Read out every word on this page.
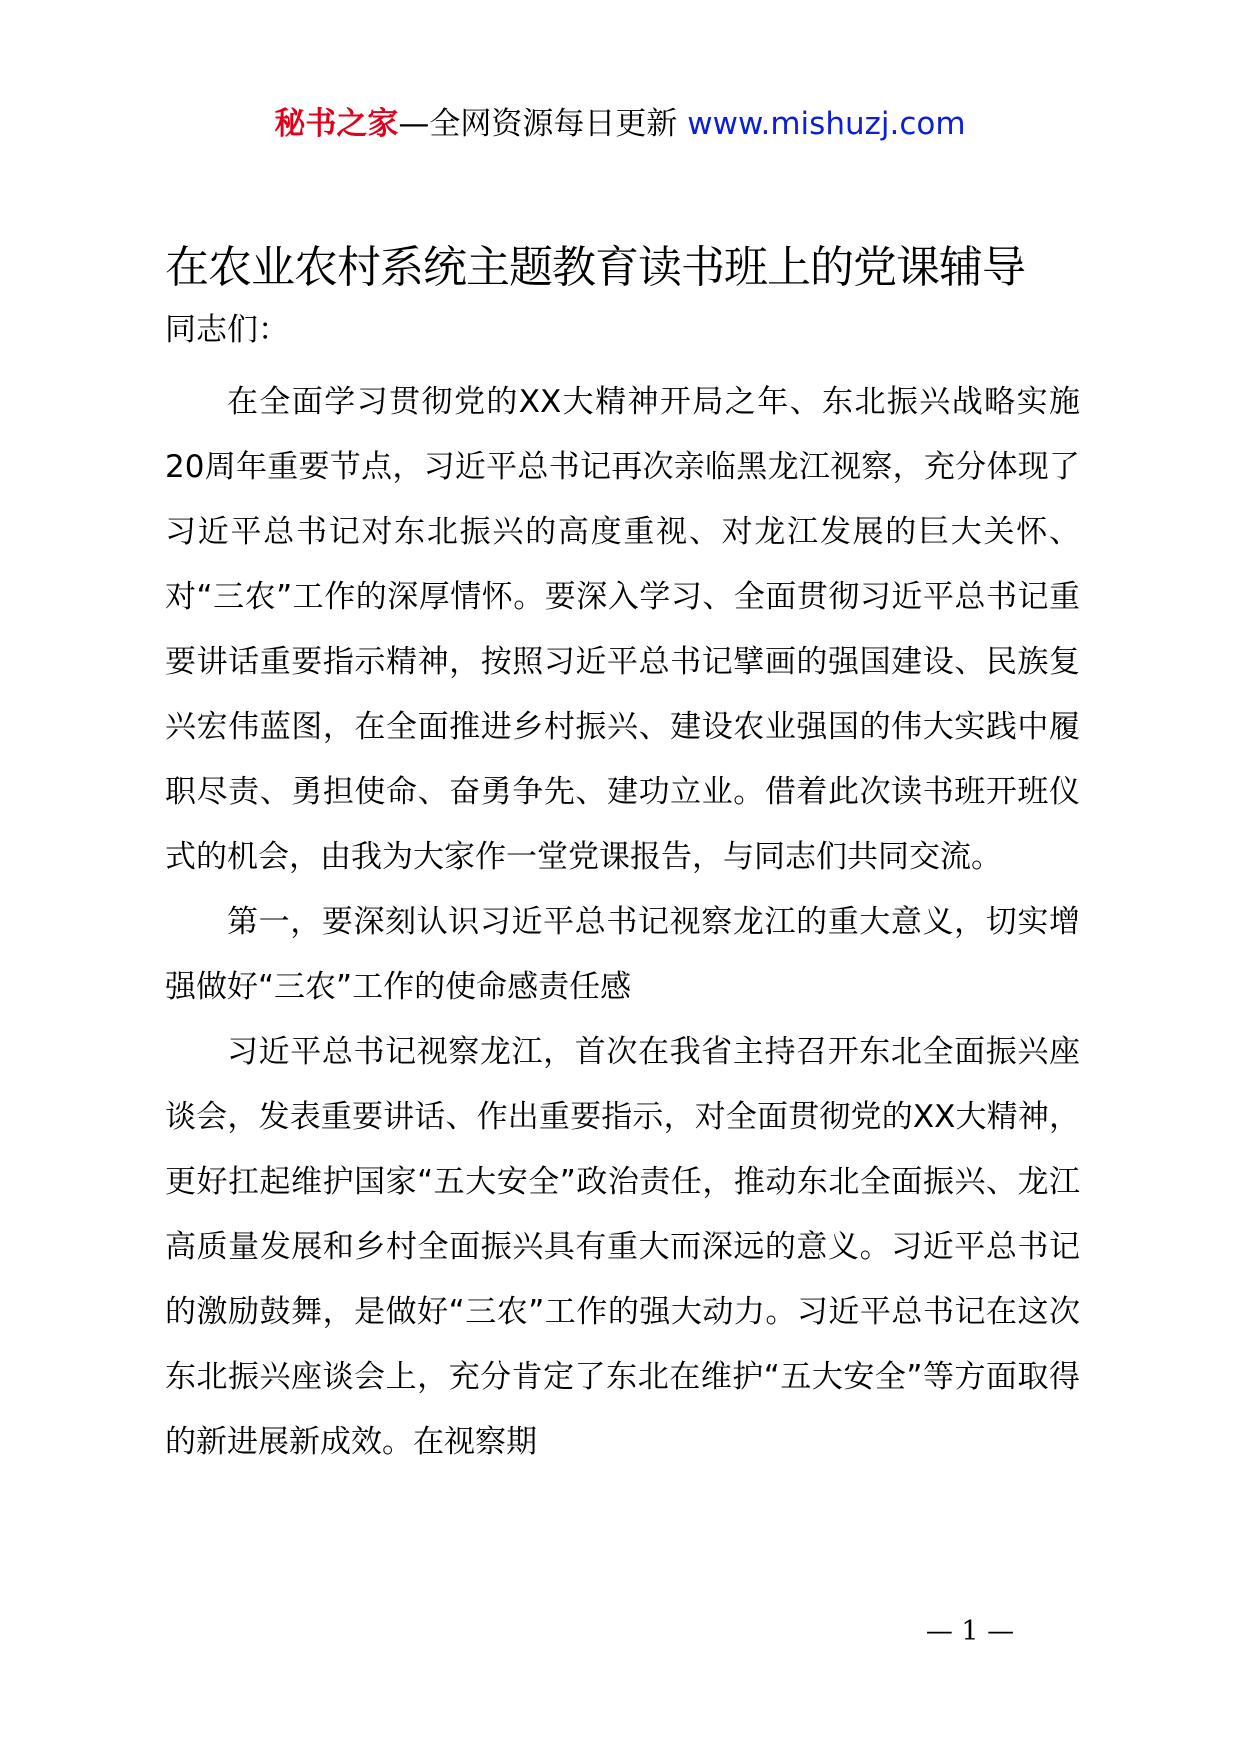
秘书之家—全网资源每日更新 www.mishuzj.com
在农业农村系统主题教育读书班上的党课辅导

同志们：

在全面学习贯彻党的XX大精神开局之年、东北振兴战略实施20周年重要节点，习近平总书记再次亲临黑龙江视察，充分体现了习近平总书记对东北振兴的高度重视、对龙江发展的巨大关怀、对“三农”工作的深厚情怀。要深入学习、全面贯彻习近平总书记重要讲话重要指示精神，按照习近平总书记擘画的强国建设、民族复兴宏伟蓝图，在全面推进乡村振兴、建设农业强国的伟大实践中履职尽责、勇担使命、奋勇争先、建功立业。借着此次读书班开班仪式的机会，由我为大家作一堂党课报告，与同志们共同交流。

第一，要深刻认识习近平总书记视察龙江的重大意义，切实增强做好“三农”工作的使命感责任感

习近平总书记视察龙江，首次在我省主持召开东北全面振兴座谈会，发表重要讲话、作出重要指示，对全面贯彻党的XX大精神，更好扛起维护国家“五大安全”政治责任，推动东北全面振兴、龙江高质量发展和乡村全面振兴具有重大而深远的意义。习近平总书记的激励鼓舞，是做好“三农”工作的强大动力。习近平总书记在这次东北振兴座谈会上，充分肯定了东北在维护“五大安全”等方面取得的新进展新成效。在视察期

— 1 —
